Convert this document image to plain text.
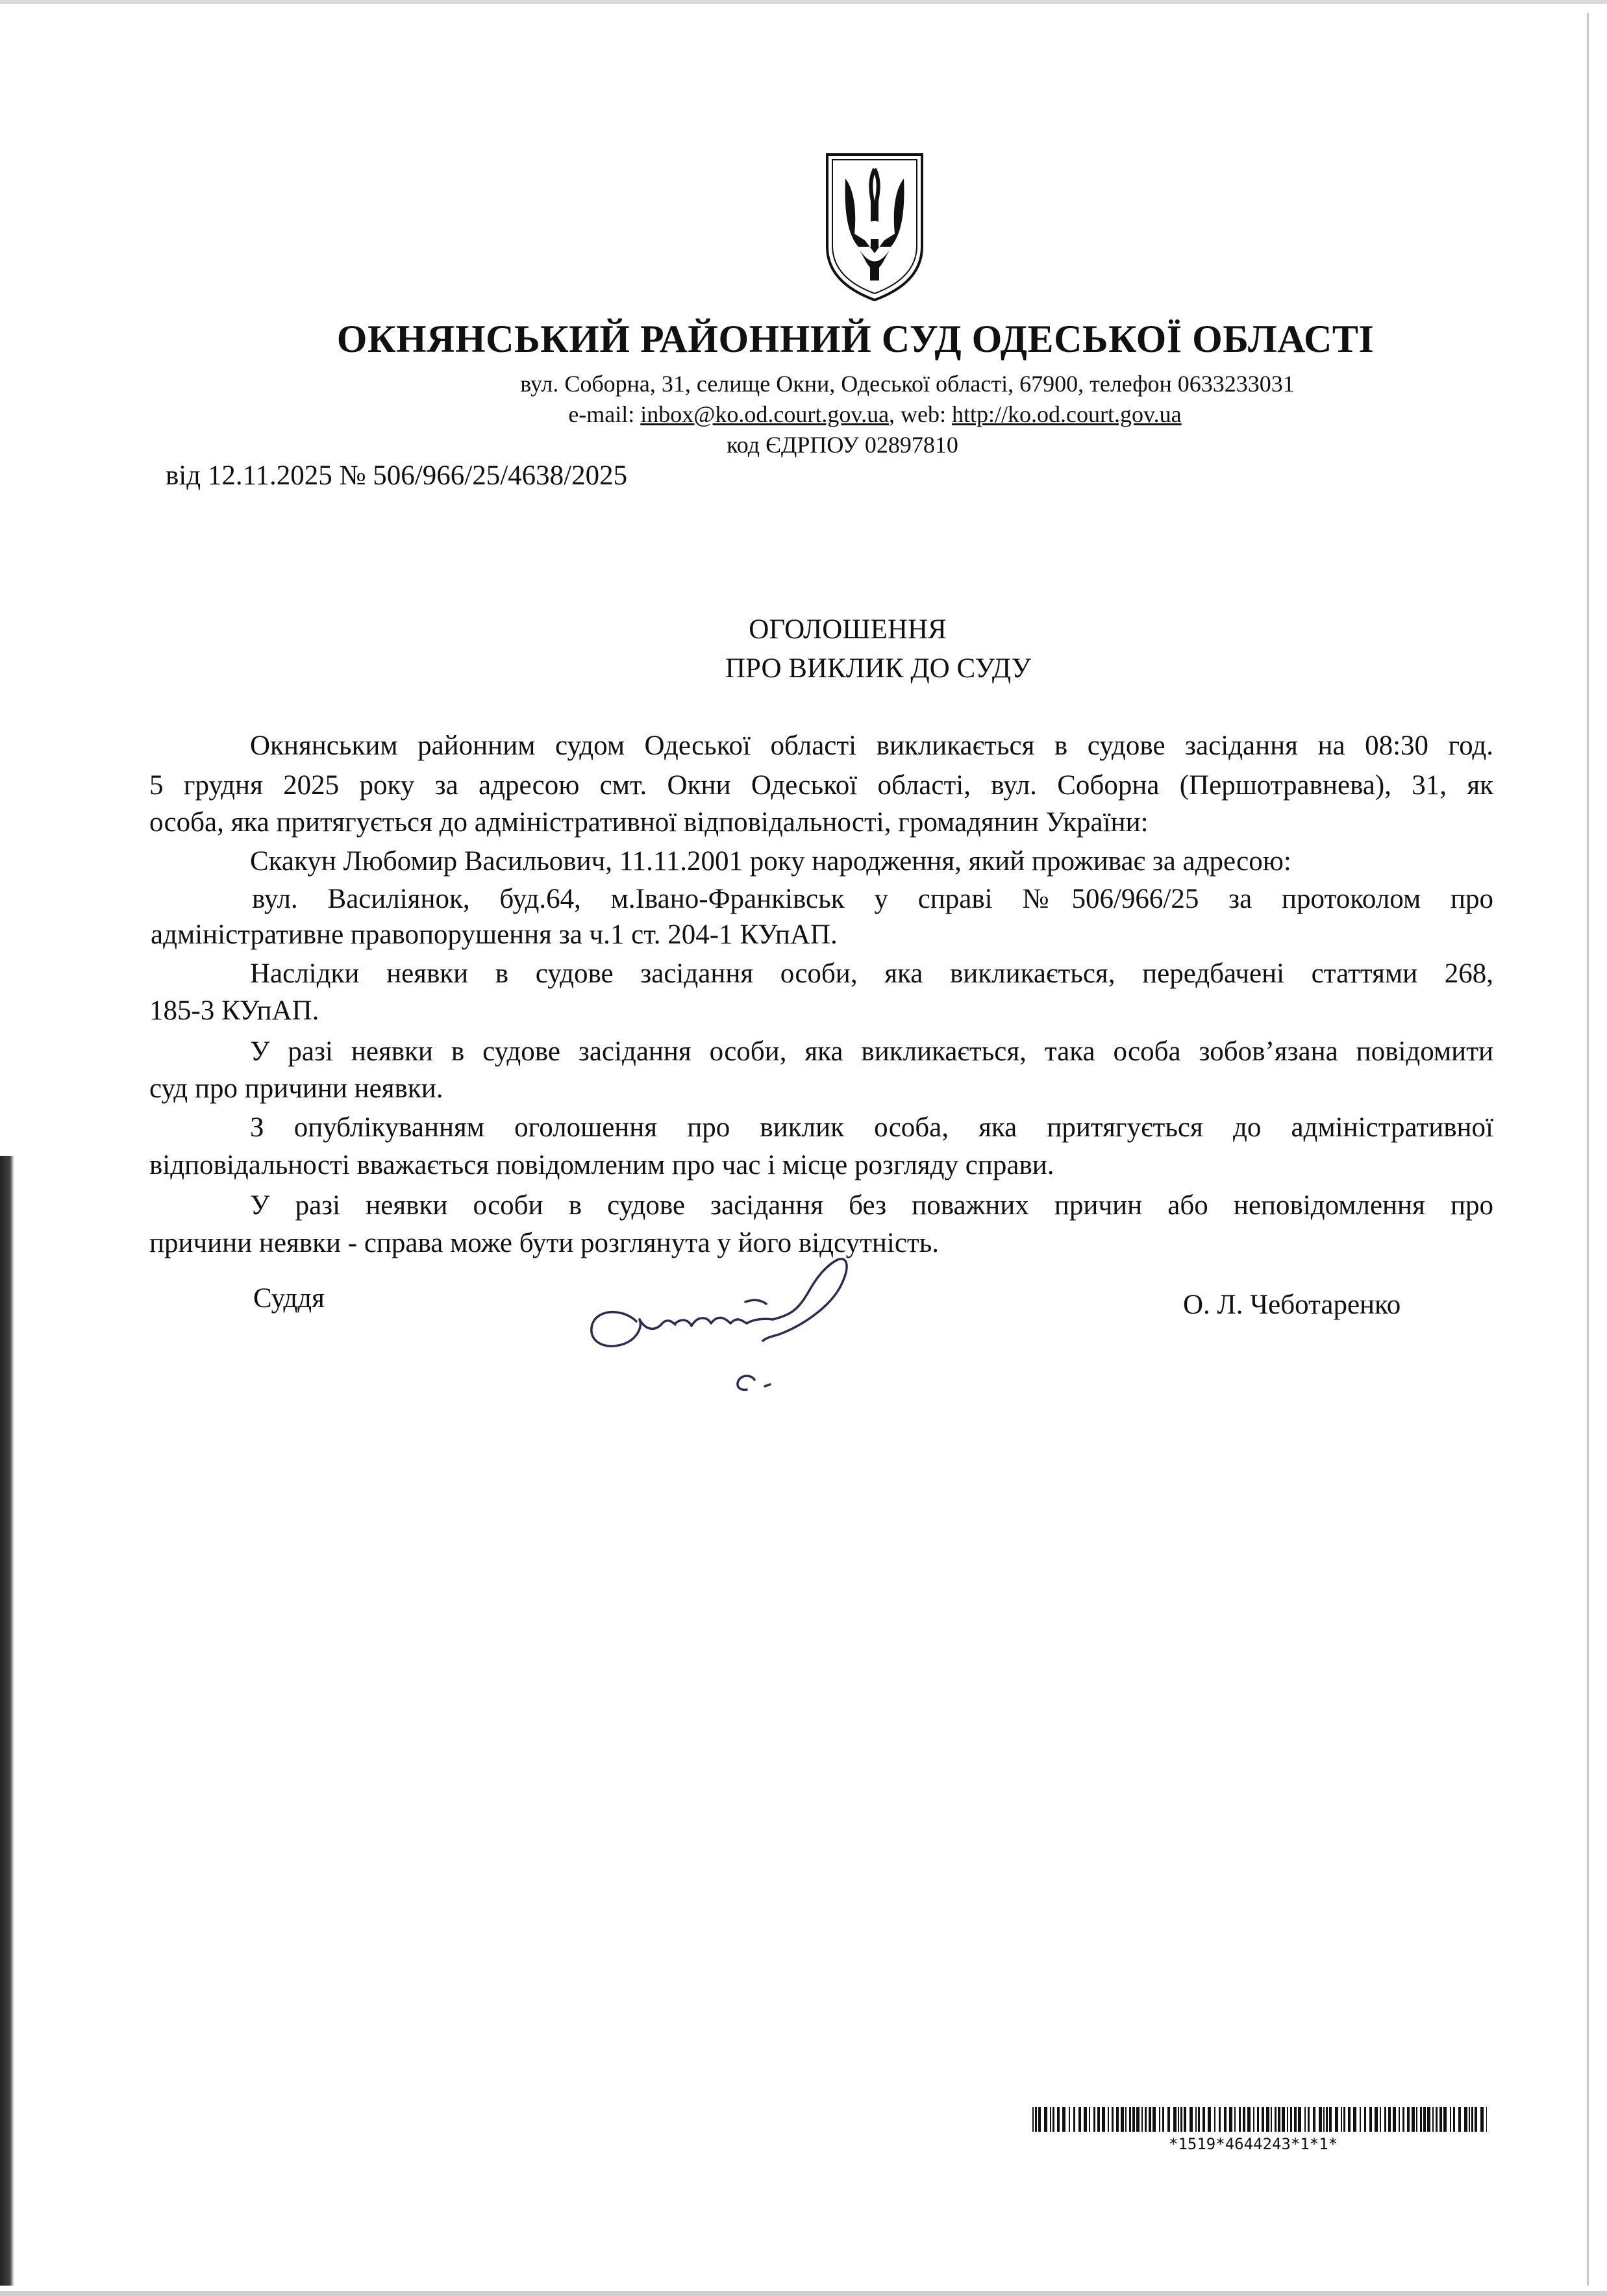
ОКНЯНСЬКИЙ РАЙОННИЙ СУД ОДЕСЬКОЇ ОБЛАСТІ
вул. Соборна, 31, селище Окни, Одеської області, 67900, телефон 0633233031
e-mail: inbox@ko.od.court.gov.ua, web: http://ko.od.court.gov.ua
код ЄДРПОУ 02897810
від 12.11.2025 № 506/966/25/4638/2025
ОГОЛОШЕННЯ
ПРО ВИКЛИК ДО СУДУ
Окнянським районним судом Одеської області викликається в судове засідання на 08:30 год.
5 грудня 2025 року за адресою смт. Окни Одеської області, вул. Соборна (Першотравнева), 31, як
особа, яка притягується до адміністративної відповідальності, громадянин України:
Скакун Любомир Васильович, 11.11.2001 року народження, який проживає за адресою:
вул. Василіянок, буд.64, м.Івано-Франківськ у справі №506/966/25 за протоколом про
адміністративне правопорушення за ч.1 ст. 204-1 КУпАП.
Наслідки неявки в судове засідання особи, яка викликається, передбачені статтями 268,
185-3 КУпАП.
У разі неявки в судове засідання особи, яка викликається, така особа зобов’язана повідомити
суд про причини неявки.
З опублікуванням оголошення про виклик особа, яка притягується до адміністративної
відповідальності вважається повідомленим про час і місце розгляду справи.
У разі неявки особи в судове засідання без поважних причин або неповідомлення про
причини неявки - справа може бути розглянута у його відсутність.
Суддя	О. Л. Чеботаренко
*1519*4644243*1*1*
